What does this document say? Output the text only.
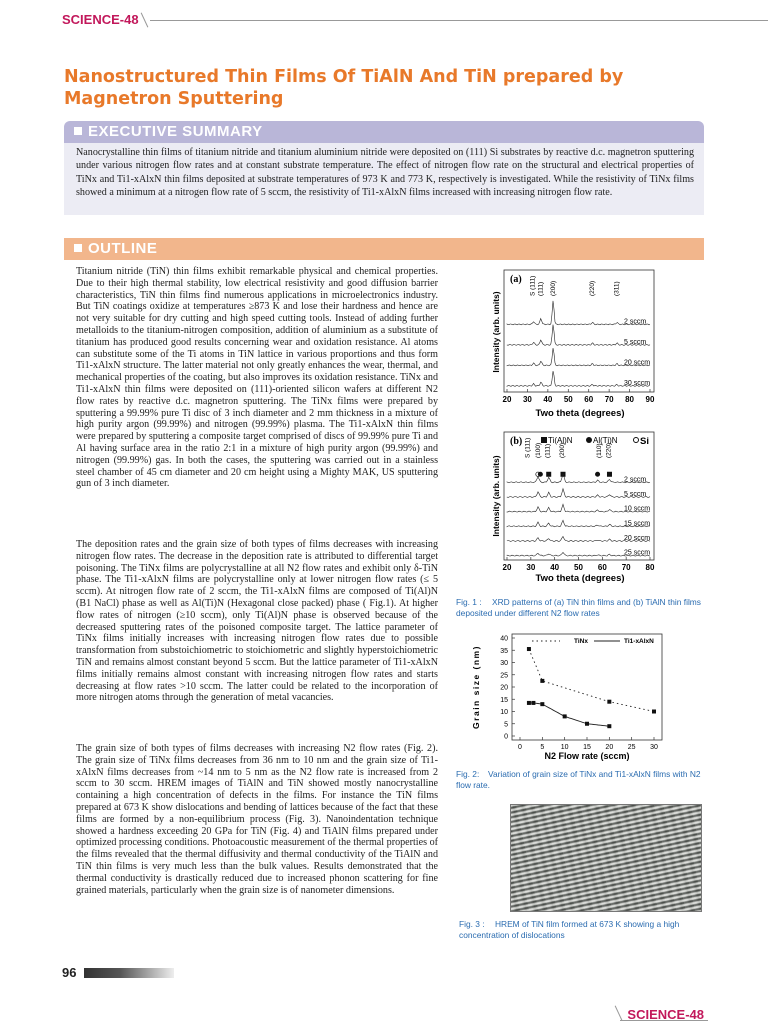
SCIENCE-48
Nanostructured Thin Films Of TiAlN And TiN prepared by Magnetron Sputtering
EXECUTIVE SUMMARY
Nanocrystalline thin films of titanium nitride and titanium aluminium nitride were deposited on (111) Si substrates by reactive d.c. magnetron sputtering under various nitrogen flow rates and at constant substrate temperature. The effect of nitrogen flow rate on the structural and electrical properties of TiNx and Ti1-xAlxN thin films deposited at substrate temperatures of 973 K and 773 K, respectively is investigated. While the resistivity of TiNx films showed a minimum at a nitrogen flow rate of 5 sccm, the resistivity of Ti1-xAlxN films increased with increasing nitrogen flow rate.
OUTLINE
Titanium nitride (TiN) thin films exhibit remarkable physical and chemical properties. Due to their high thermal stability, low electrical resistivity and good diffusion barrier characteristics, TiN thin films find numerous applications in microelectronics industry. But TiN coatings oxidize at temperatures ≥873 K and lose their hardness and hence are not very suitable for dry cutting and high speed cutting tools. Instead of adding further metalloids to the titanium-nitrogen composition, addition of aluminium as a substitute of titanium has produced good results concerning wear and oxidation resistance. Al atoms can substitute some of the Ti atoms in TiN lattice in various proportions and thus form Ti1-xAlxN structure. The latter material not only greatly enhances the wear, thermal, and mechanical properties of the coating, but also improves its oxidation resistance. TiNx and Ti1-xAlxN thin films were deposited on (111)-oriented silicon wafers at different N2 flow rates by reactive d.c. magnetron sputtering. The TiNx films were prepared by sputtering a 99.99% pure Ti disc of 3 inch diameter and 2 mm thickness in a mixture of high purity argon (99.99%) and nitrogen (99.99%) plasma. The Ti1-xAlxN thin films were prepared by sputtering a composite target comprised of discs of 99.99% pure Ti and Al having surface area in the ratio 2:1 in a mixture of high purity argon (99.99%) and nitrogen (99.99%) gas. In both the cases, the sputtering was carried out in a stainless steel chamber of 45 cm diameter and 20 cm height using a Mighty MAK, US sputtering gun of 3 inch diameter.
The deposition rates and the grain size of both types of films decreases with increasing nitrogen flow rates. The decrease in the deposition rate is attributed to differential target poisoning. The TiNx films are polycrystalline at all N2 flow rates and exhibit only δ-TiN phase. The Ti1-xAlxN films are polycrystalline only at lower nitrogen flow rates (≤ 5 sccm). At nitrogen flow rate of 2 sccm, the Ti1-xAlxN films are composed of Ti(Al)N (B1 NaCl) phase as well as Al(Ti)N (Hexagonal close packed) phase ( Fig.1). At higher flow rates of nitrogen (≥10 sccm), only Ti(Al)N phase is observed because of the decreased sputtering rates of the poisoned composite target. The lattice parameter of TiNx films initially increases with increasing nitrogen flow rates due to possible transformation from substoichiometric to stoichiometric and slightly hyperstoichiometric TiN and remains almost constant beyond 5 sccm. But the lattice parameter of Ti1-xAlxN films initially remains almost constant with increasing nitrogen flow rates and starts decreasing at flow rates >10 sccm. The latter could be related to the incorporation of more nitrogen atoms through the generation of metal vacancies.
The grain size of both types of films decreases with increasing N2 flow rates (Fig. 2). The grain size of TiNx films decreases from 36 nm to 10 nm and the grain size of Ti1-xAlxN films decreases from ~14 nm to 5 nm as the N2 flow rate is increased from 2 sccm to 30 sccm. HREM images of TiAlN and TiN showed mostly nanocrystalline containing a high concentration of defects in the films. For instance the TiN films prepared at 673 K show dislocations and bending of lattices because of the fact that these films are formed by a non-equilibrium process (Fig. 3). Nanoindentation technique showed a hardness exceeding 20 GPa for TiN (Fig. 4) and TiAlN films prepared under optimized processing conditions. Photoacoustic measurement of the thermal properties of the films revealed that the thermal diffusivity and thermal conductivity of the TiAlN and TiN thin films is very much less than the bulk values. Results demonstrated that the thermal conductivity is drastically reduced due to increased phonon scattering for fine grained materials, particularly when the grain size is of nanometer dimensions.
(a) S (111) (111) (200)	(220)	(311)
2 sccm
5 sccm
20 sccm
30 sccm
20 30 40 50 60 70 80 90
Two theta (degrees)
Intensity (arb. units)
(b)	Ti(Al)N	Al(Ti)N Si
S (111) (100) (111) (200)	(110) (220)
2 sccm
5 sccm
10 sccm
15 sccm
20 sccm
25 sccm
20 30 40 50 60 70 80
Two theta (degrees)
Intensity (arb. units)
Fig. 1 : XRD patterns of (a) TiN thin films and (b) TiAlN thin films deposited under different N2 flow rates
0
5
10
15
20
25
30
35
40
0	5 10 15 20 25 30
TiNx	Ti1-xAlxN
N2 Flow rate (sccm)
Grain size (nm)
Fig. 2: Variation of grain size of TiNx and Ti1-xAlxN films with N2 flow rate.
Fig. 3 : HREM of TiN film formed at 673 K showing a high concentration of dislocations
96
SCIENCE-48
